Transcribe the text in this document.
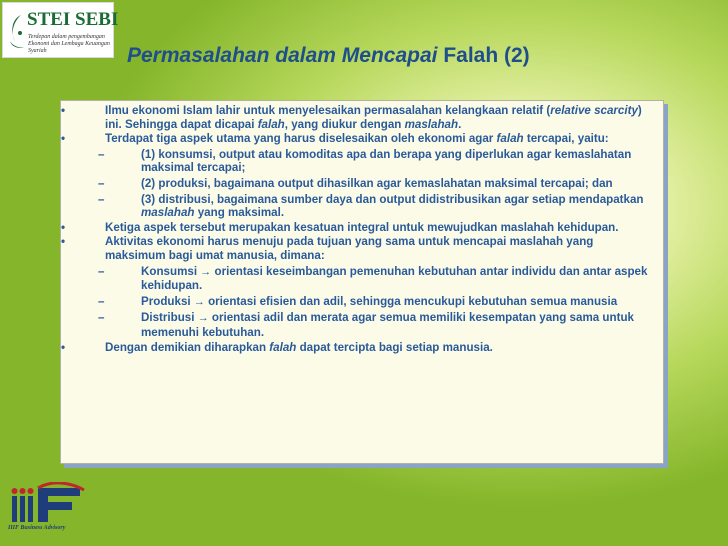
STEI SEBI
Terdepan dalam pengembangan Ekonomi dan Lembaga Keuangan Syariah	Permasalahan dalam Mencapai Falah (2)
• Ilmu ekonomi Islam lahir untuk menyelesaikan permasalahan kelangkaan relatif (relative scarcity) ini. Sehingga dapat dicapai falah, yang diukur dengan maslahah.
• Terdapat tiga aspek utama yang harus diselesaikan oleh ekonomi agar falah tercapai, yaitu:
– (1) konsumsi, output atau komoditas apa dan berapa yang diperlukan agar kemaslahatan maksimal tercapai;
– (2) produksi, bagaimana output dihasilkan agar kemaslahatan maksimal tercapai; dan
– (3) distribusi, bagaimana sumber daya dan output didistribusikan agar setiap mendapatkan maslahah yang maksimal.
• Ketiga aspek tersebut merupakan kesatuan integral untuk mewujudkan maslahah kehidupan.
• Aktivitas ekonomi harus menuju pada tujuan yang sama untuk mencapai maslahah yang maksimum bagi umat manusia, dimana:
– Konsumsi → orientasi keseimbangan pemenuhan kebutuhan antar individu dan antar aspek kehidupan.
– Produksi → orientasi efisien dan adil, sehingga mencukupi kebutuhan semua manusia
– Distribusi → orientasi adil dan merata agar semua memiliki kesempatan yang sama untuk memenuhi kebutuhan.
• Dengan demikian diharapkan falah dapat tercipta bagi setiap manusia.
IIIF Business Advisory
